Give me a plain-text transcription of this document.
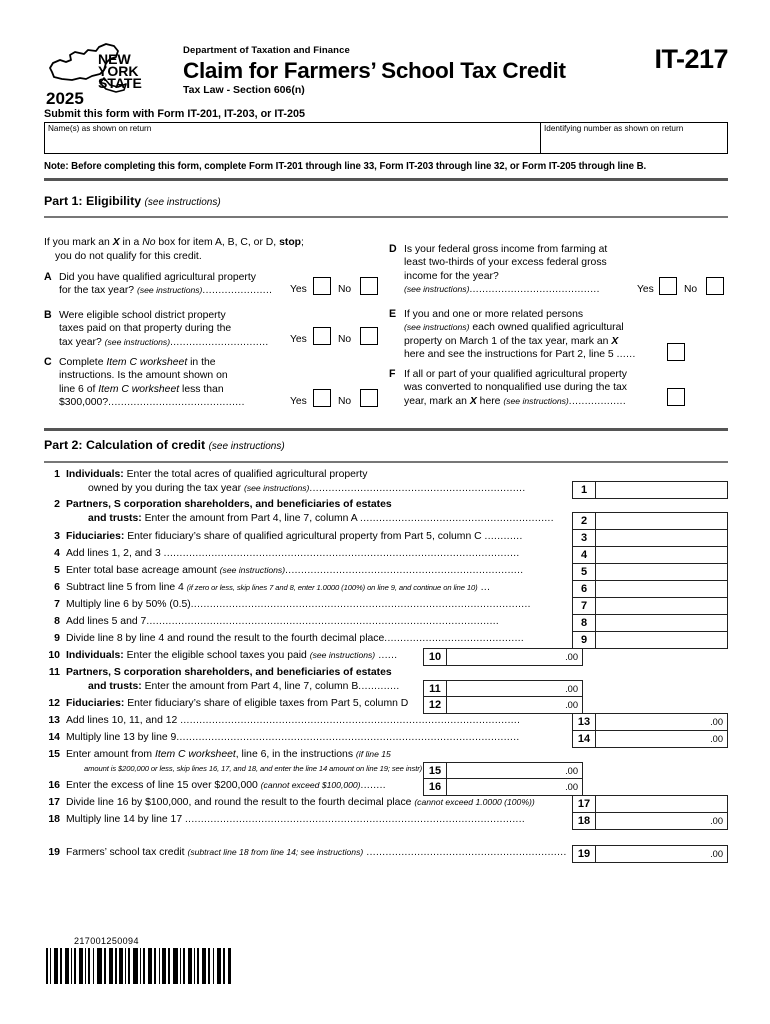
NEW
YORK
STATE
2025
Department of Taxation and Finance
Claim for Farmers’ School Tax Credit
Tax Law - Section 606(n)
IT-217
Submit this form with Form IT-201, IT-203, or IT-205
Name(s) as shown on return	Identifying number as shown on return
Note: Before completing this form, complete Form IT-201 through line 33, Form IT-203 through line 32, or Form IT-205 through line B.
Part 1: Eligibility (see instructions)
If you mark an X in a No box for item A, B, C, or D, stop;
you do not qualify for this credit.
A Did you have qualified agricultural property
for the tax year? (see instructions)......................	Yes	No
B Were eligible school district property
taxes paid on that property during the
tax year? (see instructions)...............................	Yes	No
C Complete Item C worksheet in the
instructions. Is the amount shown on
line 6 of Item C worksheet less than
$300,000?...........................................	Yes	No
D Is your federal gross income from farming at
least two-thirds of your excess federal gross
income for the year?
(see instructions).........................................	Yes	No
E If you and one or more related persons
(see instructions) each owned qualified agricultural
property on March 1 of the tax year, mark an X
here and see the instructions for Part 2, line 5 ......
F If all or part of your qualified agricultural property
was converted to nonqualified use during the tax
year, mark an X here (see instructions)..................
Part 2: Calculation of credit (see instructions)
1 Individuals: Enter the total acres of qualified agricultural property
owned by you during the tax year (see instructions)....................................................................	1
2 Partners, S corporation shareholders, and beneficiaries of estates
and trusts: Enter the amount from Part 4, line 7, column A .............................................................	2
3 Fiduciaries: Enter fiduciary’s share of qualified agricultural property from Part 5, column C ............	3
4 Add lines 1, 2, and 3 ................................................................................................................	4
5 Enter total base acreage amount (see instructions)...........................................................................	5
6 Subtract line 5 from line 4 (if zero or less, skip lines 7 and 8, enter 1.0000 (100%) on line 9, and continue on line 10) ...	6
7 Multiply line 6 by 50% (0.5)...........................................................................................................	7
8 Add lines 5 and 7...............................................................................................................	8
9 Divide line 8 by line 4 and round the result to the fourth decimal place............................................	9
10 Individuals: Enter the eligible school taxes you paid (see instructions) ......	10	.00
11 Partners, S corporation shareholders, and beneficiaries of estates
and trusts: Enter the amount from Part 4, line 7, column B.............	11	.00
12 Fiduciaries: Enter fiduciary’s share of eligible taxes from Part 5, column D	12	.00
13 Add lines 10, 11, and 12 ...........................................................................................................	13	.00
14 Multiply line 13 by line 9............................................................................................................	14	.00
15 Enter amount from Item C worksheet, line 6, in the instructions (if line 15
amount is $200,000 or less, skip lines 16, 17, and 18, and enter the line 14 amount on line 19; see instr) 15	.00
16 Enter the excess of line 15 over $200,000 (cannot exceed $100,000)........	16	.00
17 Divide line 16 by $100,000, and round the result to the fourth decimal place (cannot exceed 1.0000 (100%))	17
18 Multiply line 14 by line 17 ...........................................................................................................	18	.00
19 Farmers’ school tax credit (subtract line 18 from line 14; see instructions) ...............................................................	19	.00
217001250094
